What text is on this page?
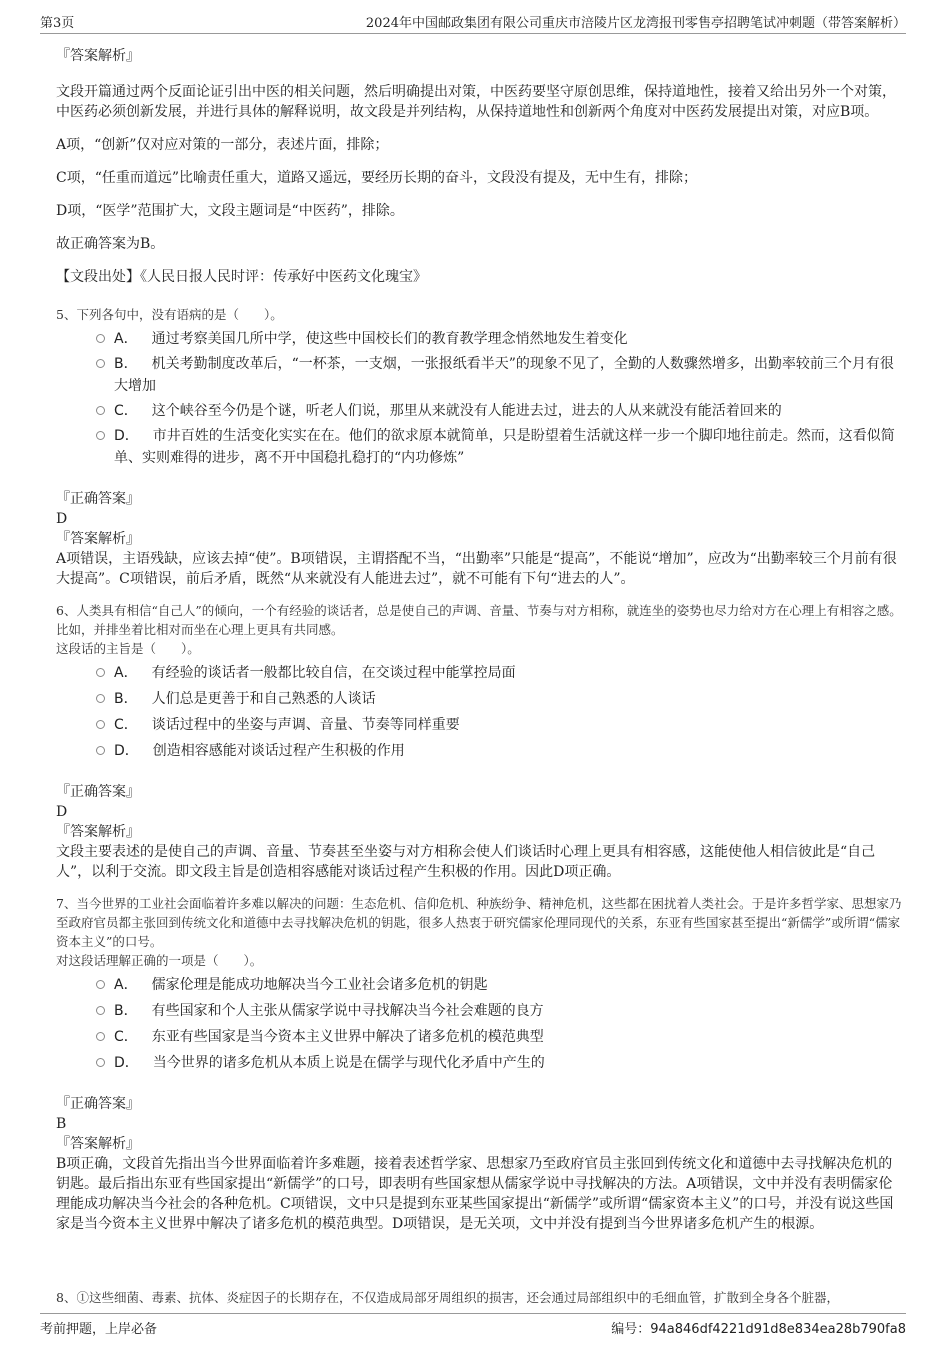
第3页	2024年中国邮政集团有限公司重庆市涪陵片区龙湾报刊零售亭招聘笔试冲刺题（带答案解析）

『答案解析』

文段开篇通过两个反面论证引出中医的相关问题，然后明确提出对策，中医药要坚守原创思维，保持道地性，接着又给出另外一个对策，中医药必须创新发展，并进行具体的解释说明，故文段是并列结构，从保持道地性和创新两个角度对中医药发展提出对策，对应B项。

A项，“创新”仅对应对策的一部分，表述片面，排除；

C项，“任重而道远”比喻责任重大，道路又遥远，要经历长期的奋斗，文段没有提及，无中生有，排除；

D项，“医学”范围扩大，文段主题词是“中医药”，排除。

故正确答案为B。

【文段出处】《人民日报人民时评：传承好中医药文化瑰宝》

5、下列各句中，没有语病的是（　　）。

A． 通过考察美国几所中学，使这些中国校长们的教育教学理念悄然地发生着变化

B． 机关考勤制度改革后，“一杯茶，一支烟，一张报纸看半天”的现象不见了，全勤的人数骤然增多，出勤率较前三个月有很大增加

C． 这个峡谷至今仍是个谜，听老人们说，那里从来就没有人能进去过，进去的人从来就没有能活着回来的

D． 市井百姓的生活变化实实在在。他们的欲求原本就简单，只是盼望着生活就这样一步一个脚印地往前走。然而，这看似简单、实则难得的进步，离不开中国稳扎稳打的“内功修炼”

『正确答案』

D

『答案解析』

A项错误，主语残缺，应该去掉“使”。B项错误，主谓搭配不当，“出勤率”只能是“提高”，不能说“增加”，应改为“出勤率较三个月前有很大提高”。C项错误，前后矛盾，既然“从来就没有人能进去过”，就不可能有下句“进去的人”。

6、人类具有相信“自己人”的倾向，一个有经验的谈话者，总是使自己的声调、音量、节奏与对方相称，就连坐的姿势也尽力给对方在心理上有相容之感。比如，并排坐着比相对而坐在心理上更具有共同感。

这段话的主旨是（　　）。

A． 有经验的谈话者一般都比较自信，在交谈过程中能掌控局面

B． 人们总是更善于和自己熟悉的人谈话

C． 谈话过程中的坐姿与声调、音量、节奏等同样重要

D． 创造相容感能对谈话过程产生积极的作用

『正确答案』

D

『答案解析』

文段主要表述的是使自己的声调、音量、节奏甚至坐姿与对方相称会使人们谈话时心理上更具有相容感，这能使他人相信彼此是“自己人”，以利于交流。即文段主旨是创造相容感能对谈话过程产生积极的作用。因此D项正确。

7、当今世界的工业社会面临着许多难以解决的问题：生态危机、信仰危机、种族纷争、精神危机，这些都在困扰着人类社会。于是许多哲学家、思想家乃至政府官员都主张回到传统文化和道德中去寻找解决危机的钥匙，很多人热衷于研究儒家伦理同现代的关系，东亚有些国家甚至提出“新儒学”或所谓“儒家资本主义”的口号。

对这段话理解正确的一项是（　　）。

A． 儒家伦理是能成功地解决当今工业社会诸多危机的钥匙

B． 有些国家和个人主张从儒家学说中寻找解决当今社会难题的良方

C． 东亚有些国家是当今资本主义世界中解决了诸多危机的模范典型

D． 当今世界的诸多危机从本质上说是在儒学与现代化矛盾中产生的

『正确答案』

B

『答案解析』

B项正确，文段首先指出当今世界面临着许多难题，接着表述哲学家、思想家乃至政府官员主张回到传统文化和道德中去寻找解决危机的钥匙。最后指出东亚有些国家提出“新儒学”的口号，即表明有些国家想从儒家学说中寻找解决的方法。A项错误，文中并没有表明儒家伦理能成功解决当今社会的各种危机。C项错误，文中只是提到东亚某些国家提出“新儒学”或所谓“儒家资本主义”的口号，并没有说这些国家是当今资本主义世界中解决了诸多危机的模范典型。D项错误，是无关项，文中并没有提到当今世界诸多危机产生的根源。

8、①这些细菌、毒素、抗体、炎症因子的长期存在，不仅造成局部牙周组织的损害，还会通过局部组织中的毛细血管，扩散到全身各个脏器，

考前押题，上岸必备	编号：94a846df4221d91d8e834ea28b790fa8
